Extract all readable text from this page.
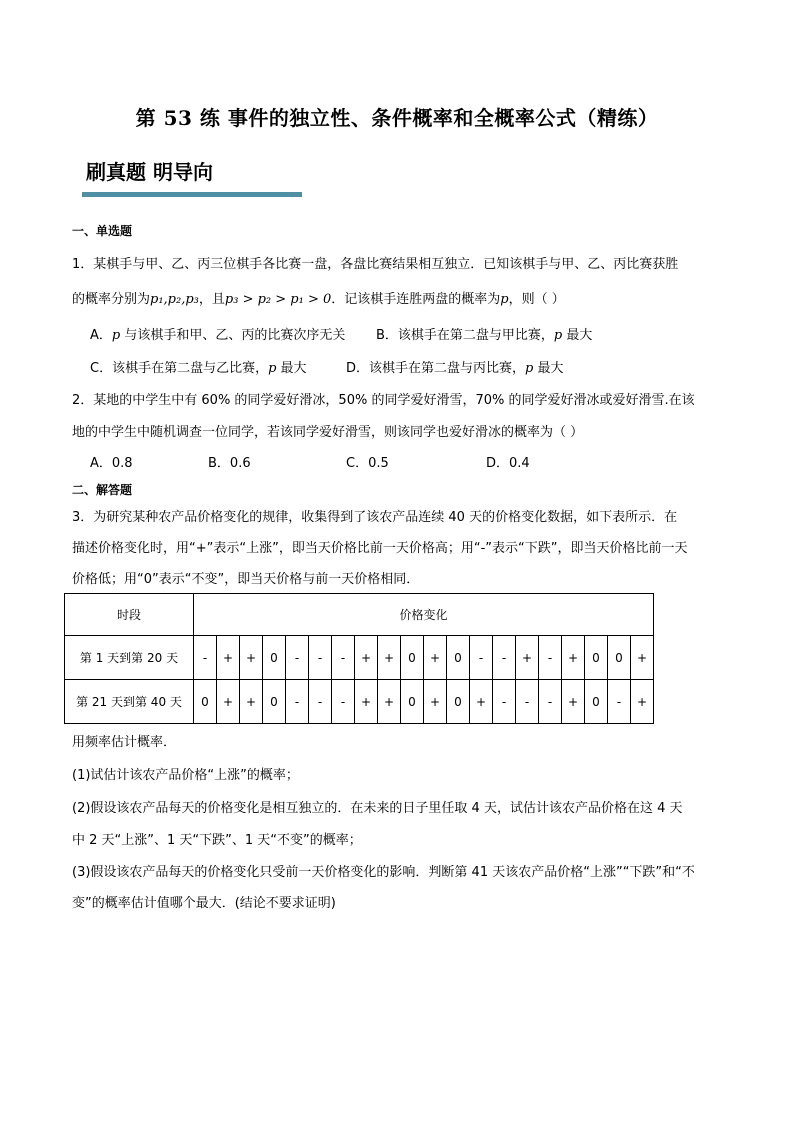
第 53 练 事件的独立性、条件概率和全概率公式（精练）
刷真题 明导向
一、单选题
1．某棋手与甲、乙、丙三位棋手各比赛一盘，各盘比赛结果相互独立．已知该棋手与甲、乙、丙比赛获胜
的概率分别为p₁,p₂,p₃，且p₃ > p₂ > p₁ > 0．记该棋手连胜两盘的概率为p，则（ ）
A．p 与该棋手和甲、乙、丙的比赛次序无关 B．该棋手在第二盘与甲比赛，p 最大
C．该棋手在第二盘与乙比赛，p 最大	D．该棋手在第二盘与丙比赛，p 最大
2．某地的中学生中有 60% 的同学爱好滑冰，50% 的同学爱好滑雪，70% 的同学爱好滑冰或爱好滑雪.在该
地的中学生中随机调查一位同学，若该同学爱好滑雪，则该同学也爱好滑冰的概率为（ ）
A．0.8	B．0.6	C．0.5	D．0.4
二、解答题
3．为研究某种农产品价格变化的规律，收集得到了该农产品连续 40 天的价格变化数据，如下表所示．在
描述价格变化时，用“+”表示“上涨”，即当天价格比前一天价格高；用“-”表示“下跌”，即当天价格比前一天
价格低；用“0”表示“不变”，即当天价格与前一天价格相同．
时段	价格变化																			
第 1 天到第 20 天	-	+	+	0	-	-	-	+	+	0	+	0	-	-	+	-	+	0	0	+
第 21 天到第 40 天	0	+	+	0	-	-	-	+	+	0	+	0	+	-	-	-	+	0	-	+
用频率估计概率．
(1)试估计该农产品价格“上涨”的概率；
(2)假设该农产品每天的价格变化是相互独立的．在未来的日子里任取 4 天，试估计该农产品价格在这 4 天
中 2 天“上涨”、1 天“下跌”、1 天“不变”的概率；
(3)假设该农产品每天的价格变化只受前一天价格变化的影响．判断第 41 天该农产品价格“上涨”“下跌”和“不
变”的概率估计值哪个最大．(结论不要求证明)
